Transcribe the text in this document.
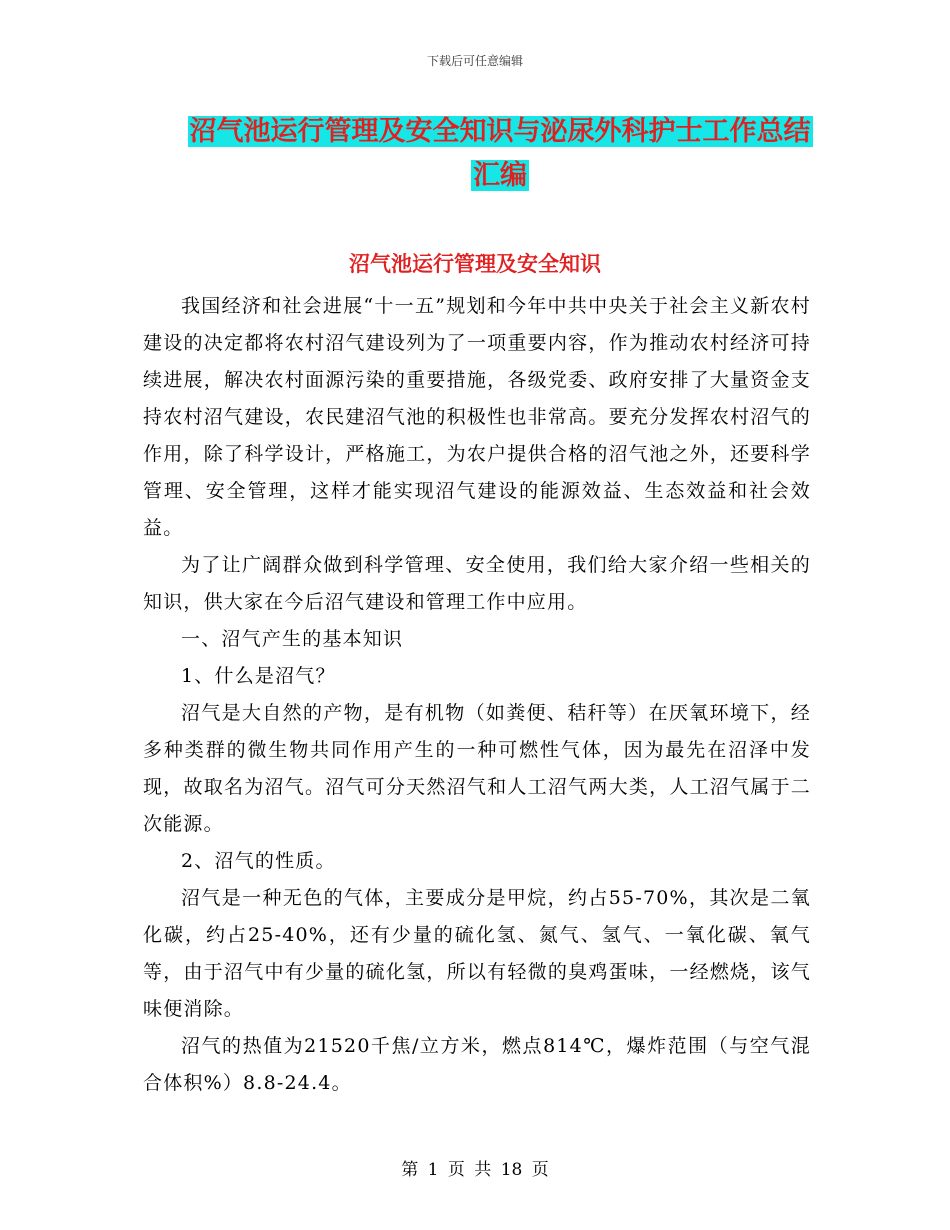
下载后可任意编辑
沼气池运行管理及安全知识与泌尿外科护士工作总结
汇编
沼气池运行管理及安全知识

我国经济和社会进展“十一五”规划和今年中共中央关于社会主义新农村建设的决定都将农村沼气建设列为了一项重要内容，作为推动农村经济可持续进展，解决农村面源污染的重要措施，各级党委、政府安排了大量资金支持农村沼气建设，农民建沼气池的积极性也非常高。要充分发挥农村沼气的作用，除了科学设计，严格施工，为农户提供合格的沼气池之外，还要科学管理、安全管理，这样才能实现沼气建设的能源效益、生态效益和社会效益。

为了让广阔群众做到科学管理、安全使用，我们给大家介绍一些相关的知识，供大家在今后沼气建设和管理工作中应用。

一、沼气产生的基本知识

1、什么是沼气？

沼气是大自然的产物，是有机物（如粪便、秸秆等）在厌氧环境下，经多种类群的微生物共同作用产生的一种可燃性气体，因为最先在沼泽中发现，故取名为沼气。沼气可分天然沼气和人工沼气两大类，人工沼气属于二次能源。

2、沼气的性质。

沼气是一种无色的气体，主要成分是甲烷，约占55-70%，其次是二氧化碳，约占25-40%，还有少量的硫化氢、氮气、氢气、一氧化碳、氧气等，由于沼气中有少量的硫化氢，所以有轻微的臭鸡蛋味，一经燃烧，该气味便消除。

沼气的热值为21520千焦/立方米，燃点814℃，爆炸范围（与空气混合体积%）8.8-24.4。

第 1 页 共 18 页
